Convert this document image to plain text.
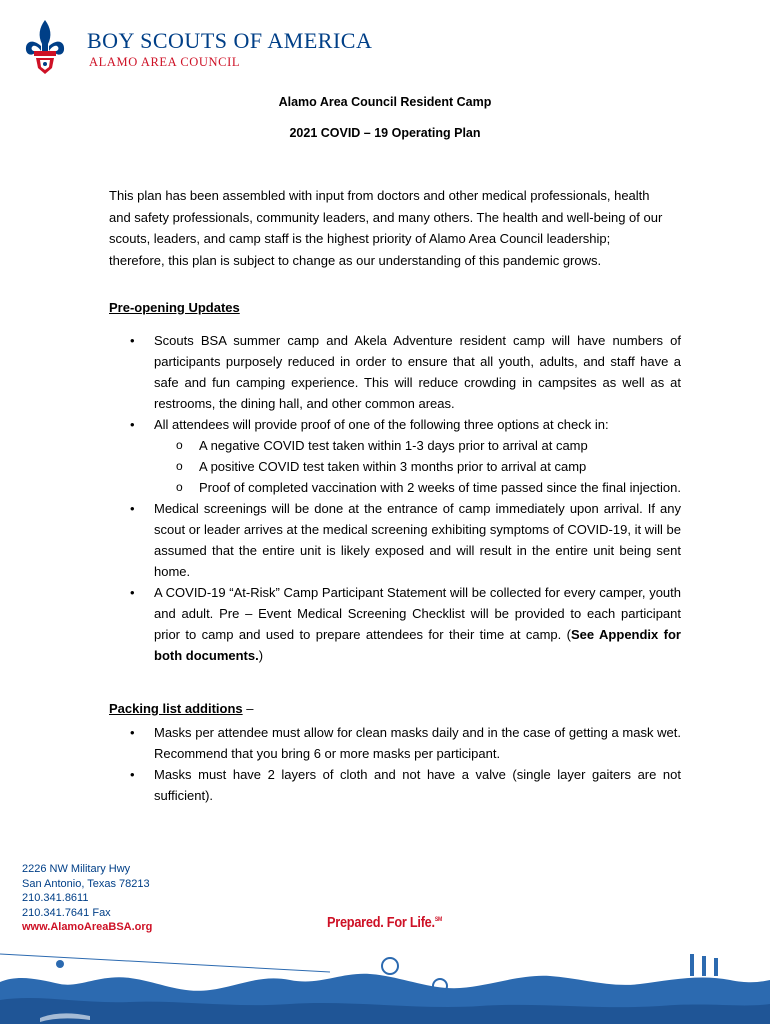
BOY SCOUTS OF AMERICA
ALAMO AREA COUNCIL
Alamo Area Council Resident Camp
2021 COVID – 19 Operating Plan
This plan has been assembled with input from doctors and other medical professionals, health and safety professionals, community leaders, and many others. The health and well-being of our scouts, leaders, and camp staff is the highest priority of Alamo Area Council leadership; therefore, this plan is subject to change as our understanding of this pandemic grows.
Pre-opening Updates
• Scouts BSA summer camp and Akela Adventure resident camp will have numbers of participants purposely reduced in order to ensure that all youth, adults, and staff have a safe and fun camping experience. This will reduce crowding in campsites as well as at restrooms, the dining hall, and other common areas.
• All attendees will provide proof of one of the following three options at check in:
o A negative COVID test taken within 1-3 days prior to arrival at camp
o A positive COVID test taken within 3 months prior to arrival at camp
o Proof of completed vaccination with 2 weeks of time passed since the final injection.
• Medical screenings will be done at the entrance of camp immediately upon arrival. If any scout or leader arrives at the medical screening exhibiting symptoms of COVID-19, it will be assumed that the entire unit is likely exposed and will result in the entire unit being sent home.
• A COVID-19 “At-Risk” Camp Participant Statement will be collected for every camper, youth and adult. Pre – Event Medical Screening Checklist will be provided to each participant prior to camp and used to prepare attendees for their time at camp. (See Appendix for both documents.)
Packing list additions –
• Masks per attendee must allow for clean masks daily and in the case of getting a mask wet. Recommend that you bring 6 or more masks per participant.
• Masks must have 2 layers of cloth and not have a valve (single layer gaiters are not sufficient).
2226 NW Military Hwy
San Antonio, Texas 78213
210.341.8611
210.341.7641 Fax
www.AlamoAreaBSA.org	Prepared. For Life.℠
